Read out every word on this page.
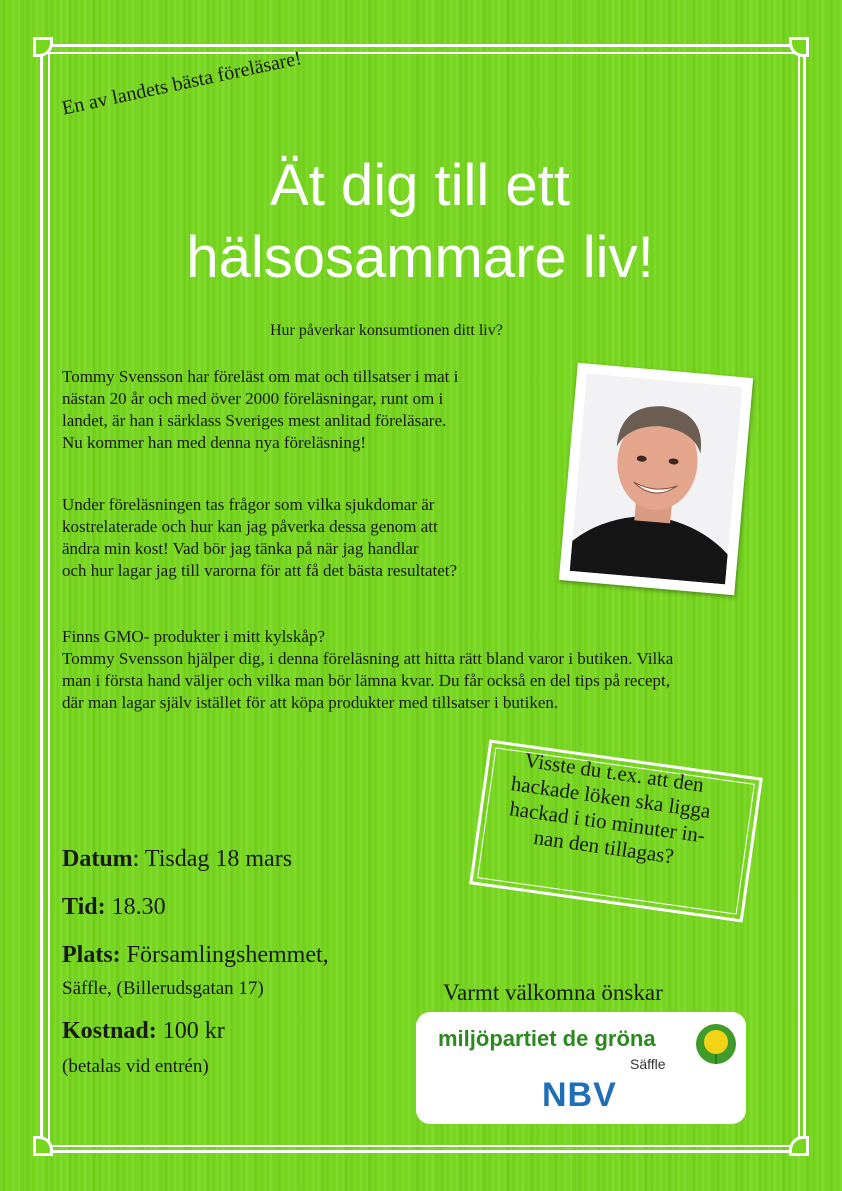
En av landets bästa föreläsare!
Ät dig till ett
hälsosammare liv!
Hur påverkar konsumtionen ditt liv?

Tommy Svensson har föreläst om mat och tillsatser i mat i
nästan 20 år och med över 2000 föreläsningar, runt om i
landet, är han i särklass Sveriges mest anlitad föreläsare.
Nu kommer han med denna nya föreläsning!

Under föreläsningen tas frågor som vilka sjukdomar är
kostrelaterade och hur kan jag påverka dessa genom att
ändra min kost! Vad bör jag tänka på när jag handlar
och hur lagar jag till varorna för att få det bästa resultatet?

Finns GMO- produkter i mitt kylskåp?
Tommy Svensson hjälper dig, i denna föreläsning att hitta rätt bland varor i butiken. Vilka
man i första hand väljer och vilka man bör lämna kvar. Du får också en del tips på recept,
där man lagar själv istället för att köpa produkter med tillsatser i butiken.

Visste du t.ex. att den
hackade löken ska ligga
hackad i tio minuter in-
nan den tillagas?

Datum: Tisdag 18 mars

Tid: 18.30

Plats: Församlingshemmet,

Säffle, (Billerudsgatan 17)

Kostnad: 100 kr

(betalas vid entrén)

Varmt välkomna önskar
miljöpartiet de gröna
Säffle
NBV
